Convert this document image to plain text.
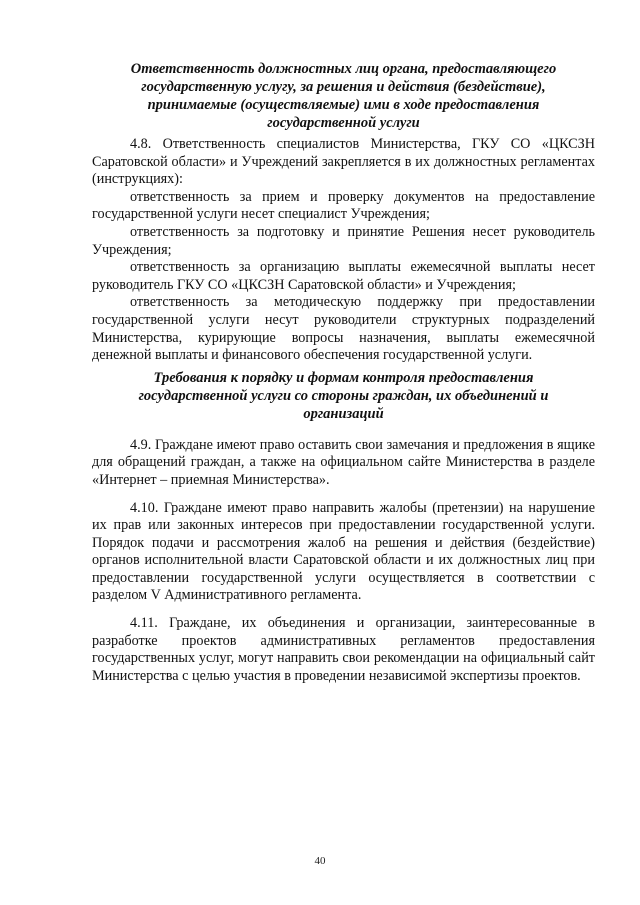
Ответственность должностных лиц органа, предоставляющего государственную услугу, за решения и действия (бездействие), принимаемые (осуществляемые) ими в ходе предоставления государственной услуги

4.8. Ответственность специалистов Министерства, ГКУ СО «ЦКСЗН Саратовской области» и Учреждений закрепляется в их должностных регламентах (инструкциях):

ответственность за прием и проверку документов на предоставление государственной услуги несет специалист Учреждения;

ответственность за подготовку и принятие Решения несет руководитель Учреждения;

ответственность за организацию выплаты ежемесячной выплаты несет руководитель ГКУ СО «ЦКСЗН Саратовской области» и Учреждения;

ответственность за методическую поддержку при предоставлении государственной услуги несут руководители структурных подразделений Министерства, курирующие вопросы назначения, выплаты ежемесячной денежной выплаты и финансового обеспечения государственной услуги.

Требования к порядку и формам контроля предоставления государственной услуги со стороны граждан, их объединений и организаций

4.9. Граждане имеют право оставить свои замечания и предложения в ящике для обращений граждан, а также на официальном сайте Министерства в разделе «Интернет – приемная Министерства».

4.10. Граждане имеют право направить жалобы (претензии) на нарушение их прав или законных интересов при предоставлении государственной услуги. Порядок подачи и рассмотрения жалоб на решения и действия (бездействие) органов исполнительной власти Саратовской области и их должностных лиц при предоставлении государственной услуги осуществляется в соответствии с разделом V Административного регламента.

4.11. Граждане, их объединения и организации, заинтересованные в разработке проектов административных регламентов предоставления государственных услуг, могут направить свои рекомендации на официальный сайт Министерства с целью участия в проведении независимой экспертизы проектов.

40
